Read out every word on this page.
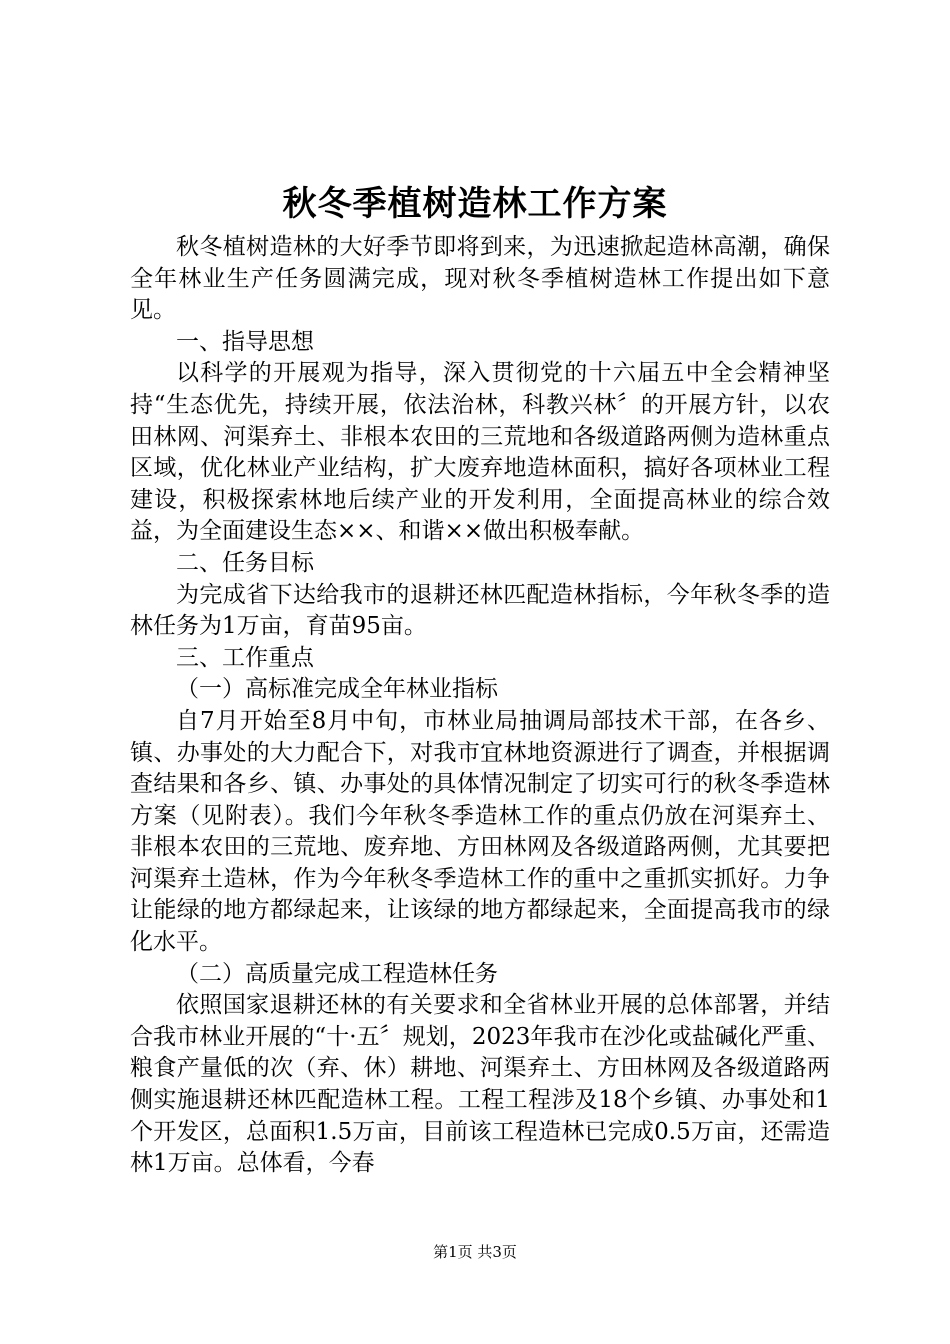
秋冬季植树造林工作方案

秋冬植树造林的大好季节即将到来，为迅速掀起造林高潮，确保全年林业生产任务圆满完成，现对秋冬季植树造林工作提出如下意见。

一、指导思想

以科学的开展观为指导，深入贯彻党的十六届五中全会精神坚持“生态优先，持续开展，依法治林，科教兴林〞的开展方针，以农田林网、河渠弃土、非根本农田的三荒地和各级道路两侧为造林重点区域，优化林业产业结构，扩大废弃地造林面积，搞好各项林业工程建设，积极探索林地后续产业的开发利用，全面提高林业的综合效益，为全面建设生态××、和谐××做出积极奉献。

二、任务目标

为完成省下达给我市的退耕还林匹配造林指标，今年秋冬季的造林任务为1万亩，育苗95亩。

三、工作重点

（一）高标准完成全年林业指标

自7月开始至8月中旬，市林业局抽调局部技术干部，在各乡、镇、办事处的大力配合下，对我市宜林地资源进行了调查，并根据调查结果和各乡、镇、办事处的具体情况制定了切实可行的秋冬季造林方案（见附表）。我们今年秋冬季造林工作的重点仍放在河渠弃土、非根本农田的三荒地、废弃地、方田林网及各级道路两侧，尤其要把河渠弃土造林，作为今年秋冬季造林工作的重中之重抓实抓好。力争让能绿的地方都绿起来，让该绿的地方都绿起来，全面提高我市的绿化水平。

（二）高质量完成工程造林任务

依照国家退耕还林的有关要求和全省林业开展的总体部署，并结合我市林业开展的“十·五〞规划，2023年我市在沙化或盐碱化严重、粮食产量低的次（弃、休）耕地、河渠弃土、方田林网及各级道路两侧实施退耕还林匹配造林工程。工程工程涉及18个乡镇、办事处和1个开发区，总面积1.5万亩，目前该工程造林已完成0.5万亩，还需造林1万亩。总体看，今春

第1页 共3页
